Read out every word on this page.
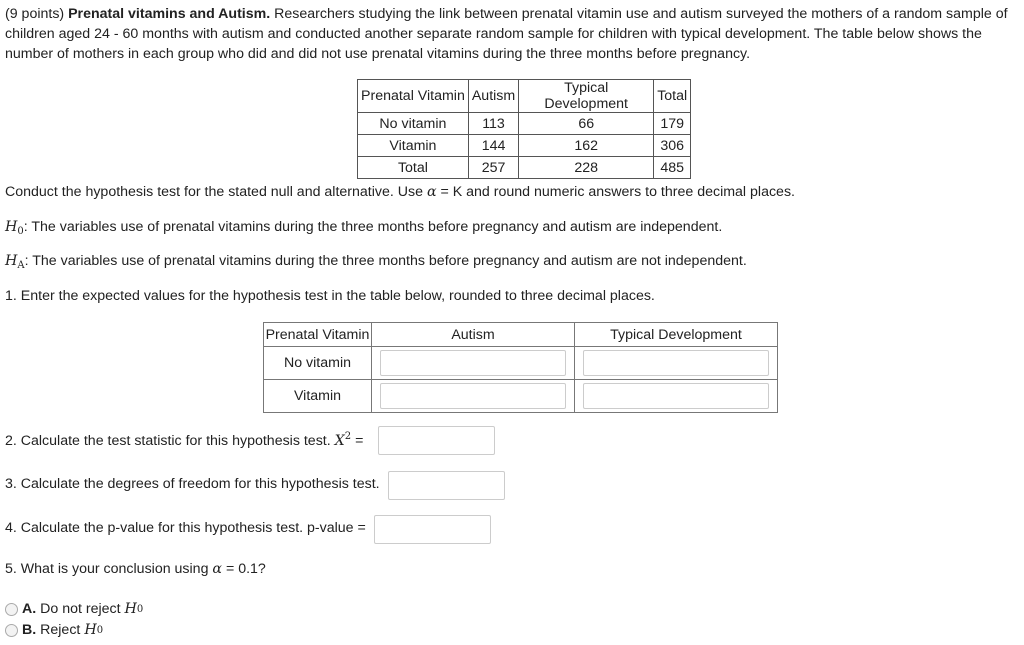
(9 points) Prenatal vitamins and Autism. Researchers studying the link between prenatal vitamin use and autism surveyed the mothers of a random sample of children aged 24 - 60 months with autism and conducted another separate random sample for children with typical development. The table below shows the number of mothers in each group who did and did not use prenatal vitamins during the three months before pregnancy.
Prenatal Vitamin	Autism	Typical Development	Total
No vitamin	113	66	179
Vitamin	144	162	306
Total	257	228	485
Conduct the hypothesis test for the stated null and alternative. Use α = K and round numeric answers to three decimal places.
$H_0$: The variables use of prenatal vitamins during the three months before pregnancy and autism are independent.
$H_A$: The variables use of prenatal vitamins during the three months before pregnancy and autism are not independent.
1. Enter the expected values for the hypothesis test in the table below, rounded to three decimal places.
Prenatal Vitamin	Autism	Typical Development
No vitamin		
Vitamin		
2. Calculate the test statistic for this hypothesis test. $X^2$ =
3. Calculate the degrees of freedom for this hypothesis test.
4. Calculate the p-value for this hypothesis test. p-value =
5. What is your conclusion using α = 0.1?
A.
Do not reject
H 0
B.
Reject
H 0
